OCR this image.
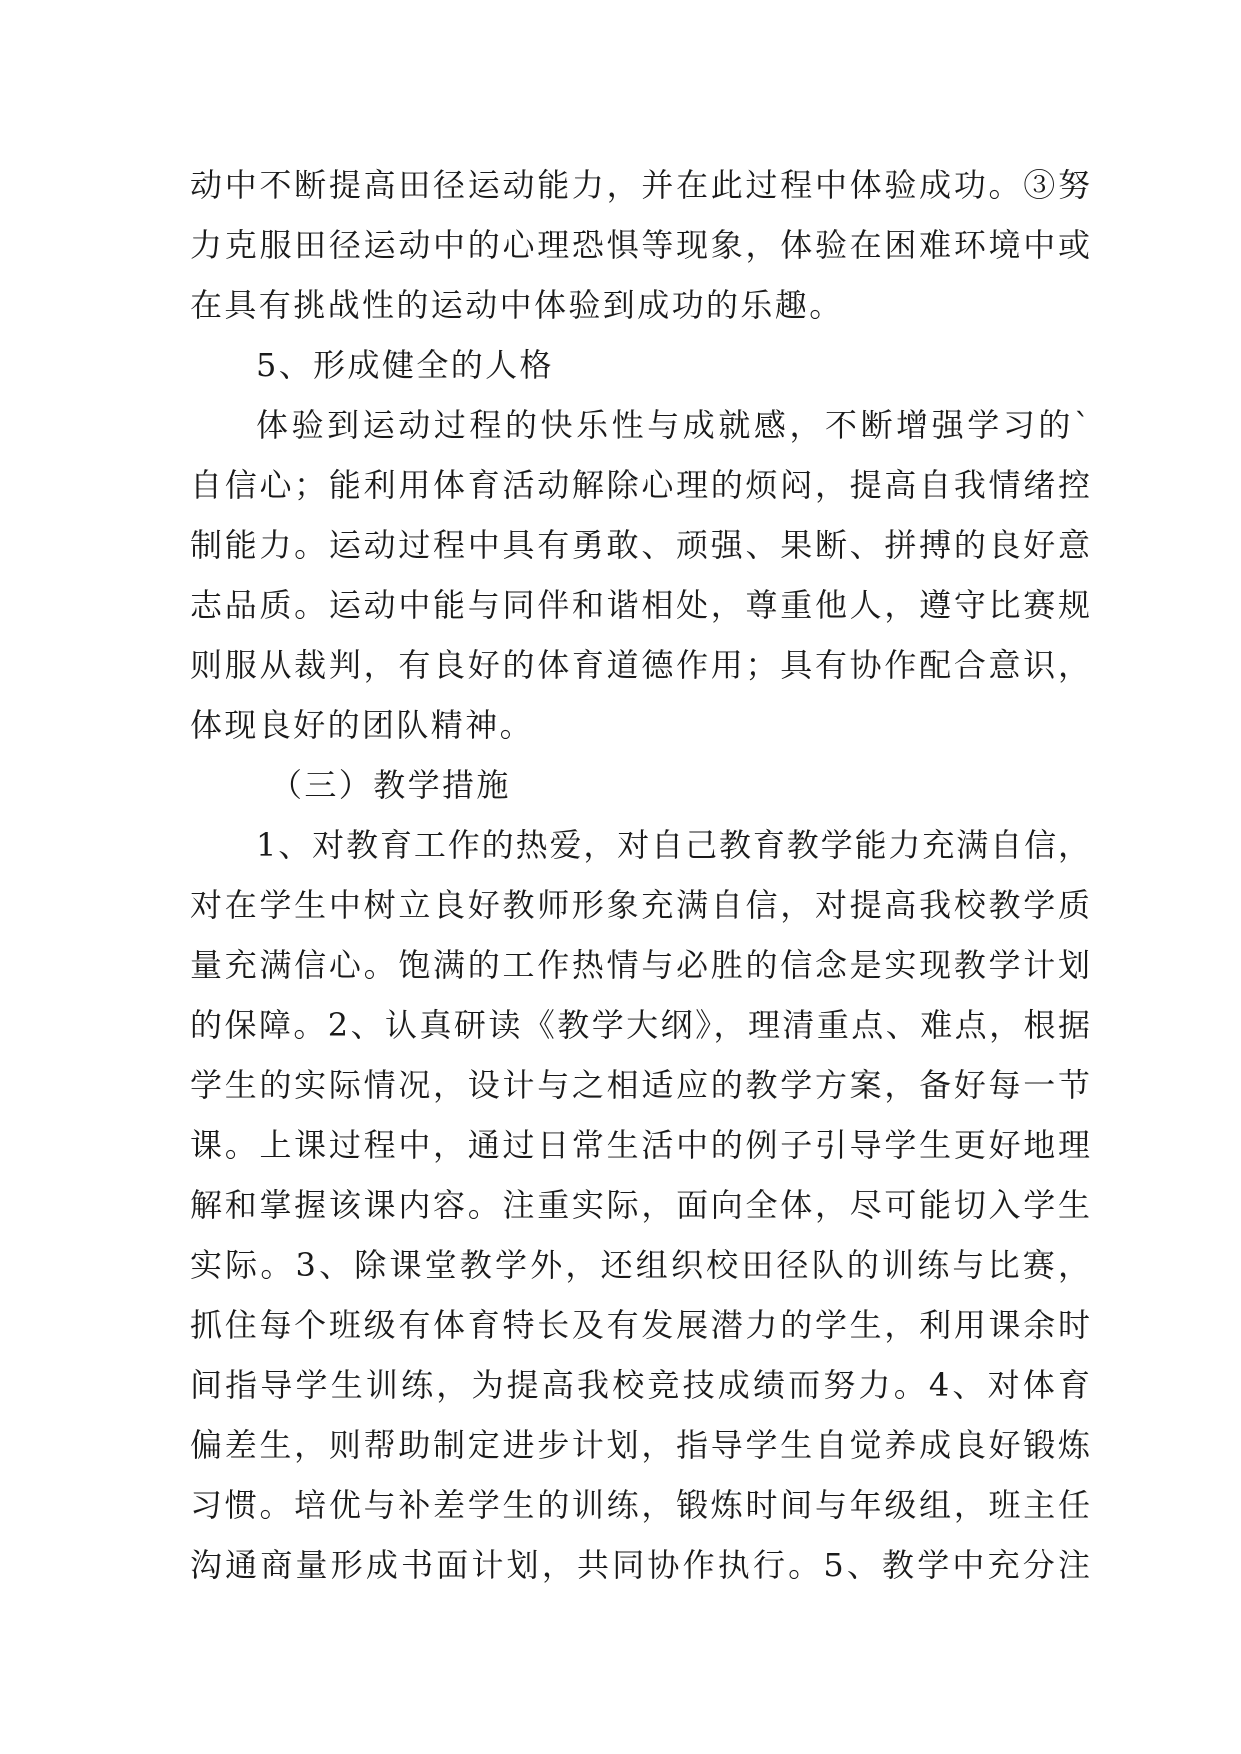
动中不断提高田径运动能力，并在此过程中体验成功。③努
力克服田径运动中的心理恐惧等现象，体验在困难环境中或
在具有挑战性的运动中体验到成功的乐趣。
5、形成健全的人格
体验到运动过程的快乐性与成就感，不断增强学习的`
自信心；能利用体育活动解除心理的烦闷，提高自我情绪控
制能力。运动过程中具有勇敢、顽强、果断、拼搏的良好意
志品质。运动中能与同伴和谐相处，尊重他人，遵守比赛规
则服从裁判，有良好的体育道德作用；具有协作配合意识，
体现良好的团队精神。
（三）教学措施
1、对教育工作的热爱，对自己教育教学能力充满自信，
对在学生中树立良好教师形象充满自信，对提高我校教学质
量充满信心。饱满的工作热情与必胜的信念是实现教学计划
的保障。2、认真研读《教学大纲》，理清重点、难点，根据
学生的实际情况，设计与之相适应的教学方案，备好每一节
课。上课过程中，通过日常生活中的例子引导学生更好地理
解和掌握该课内容。注重实际，面向全体，尽可能切入学生
实际。3、除课堂教学外，还组织校田径队的训练与比赛，
抓住每个班级有体育特长及有发展潜力的学生，利用课余时
间指导学生训练，为提高我校竞技成绩而努力。4、对体育
偏差生，则帮助制定进步计划，指导学生自觉养成良好锻炼
习惯。培优与补差学生的训练，锻炼时间与年级组，班主任
沟通商量形成书面计划，共同协作执行。5、教学中充分注
